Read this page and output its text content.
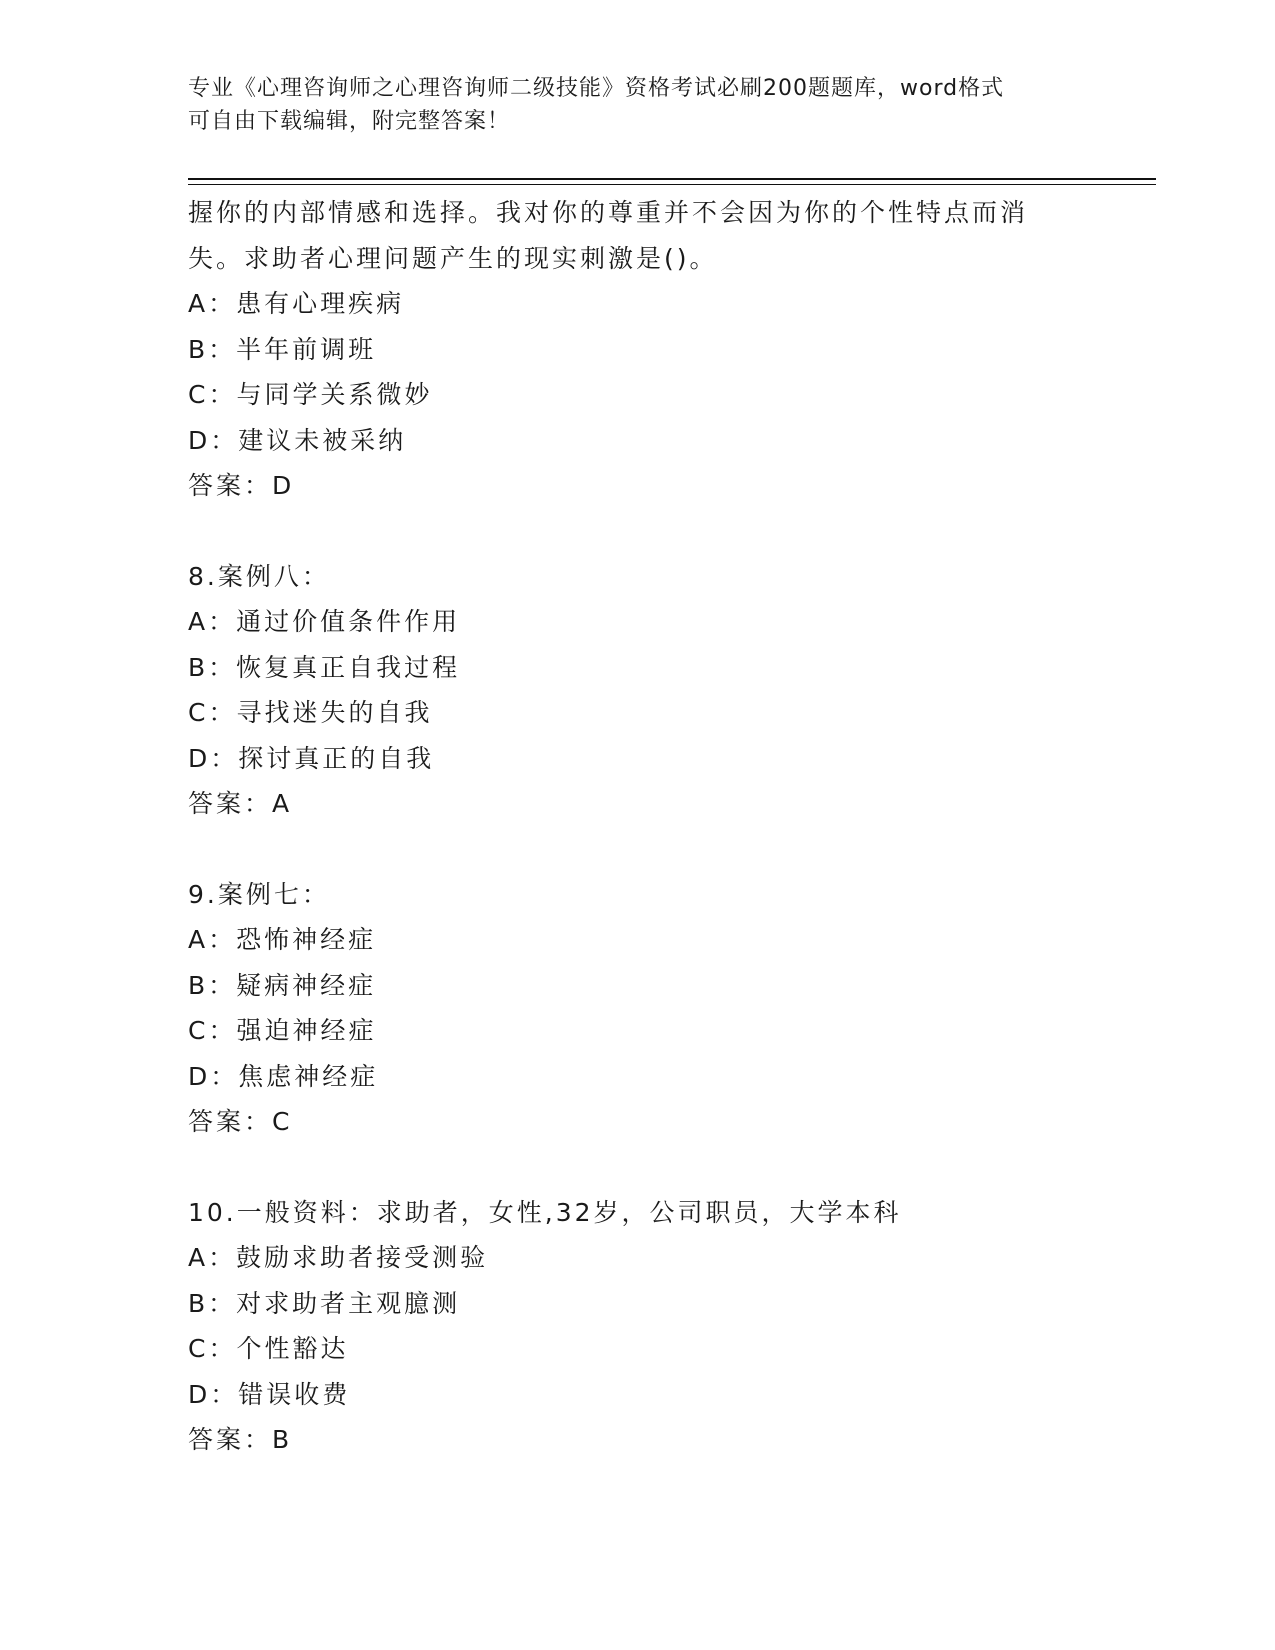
专业《心理咨询师之心理咨询师二级技能》资格考试必刷200题题库，word格式
可自由下载编辑，附完整答案！
握你的内部情感和选择。我对你的尊重并不会因为你的个性特点而消
失。求助者心理问题产生的现实刺激是()。
A：患有心理疾病
B：半年前调班
C：与同学关系微妙
D：建议未被采纳
答案：D
8.案例八：
A：通过价值条件作用
B：恢复真正自我过程
C：寻找迷失的自我
D：探讨真正的自我
答案：A
9.案例七：
A：恐怖神经症
B：疑病神经症
C：强迫神经症
D：焦虑神经症
答案：C
10.一般资料：求助者，女性,32岁，公司职员，大学本科
A：鼓励求助者接受测验
B：对求助者主观臆测
C：个性豁达
D：错误收费
答案：B
